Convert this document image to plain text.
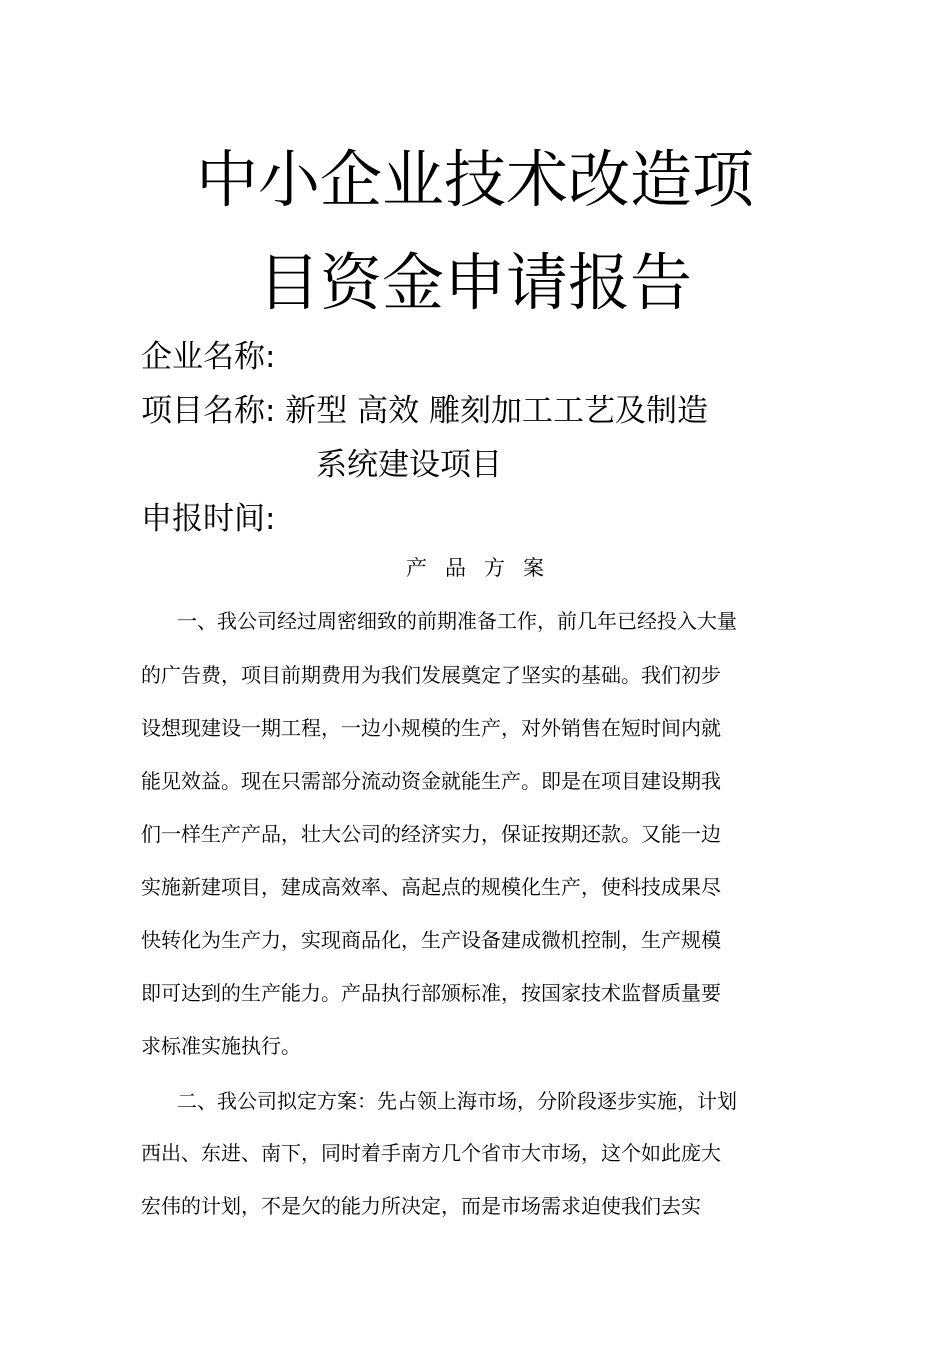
中小企业技术改造项
目资金申请报告
企业名称:
项目名称: 新型 高效 雕刻加工工艺及制造
系统建设项目
申报时间:
产品方案
一、我公司经过周密细致的前期准备工作，前几年已经投入大量
的广告费，项目前期费用为我们发展奠定了坚实的基础。我们初步
设想现建设一期工程，一边小规模的生产，对外销售在短时间内就
能见效益。现在只需部分流动资金就能生产。即是在项目建设期我
们一样生产产品，壮大公司的经济实力，保证按期还款。又能一边
实施新建项目，建成高效率、高起点的规模化生产，使科技成果尽
快转化为生产力，实现商品化，生产设备建成微机控制，生产规模
即可达到的生产能力。产品执行部颁标准，按国家技术监督质量要
求标准实施执行。
二、我公司拟定方案：先占领上海市场，分阶段逐步实施，计划
西出、东进、南下，同时着手南方几个省市大市场，这个如此庞大
宏伟的计划，不是欠的能力所决定，而是市场需求迫使我们去实
